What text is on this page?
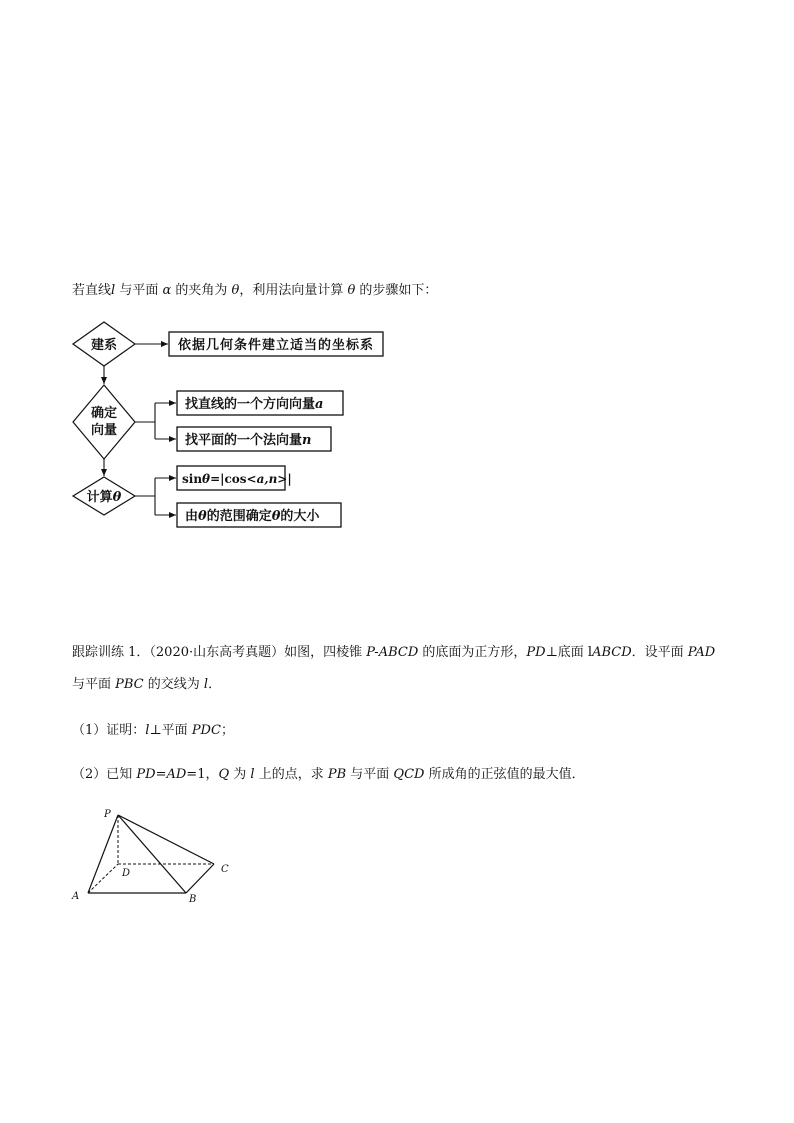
若直线l 与平面 α 的夹角为 θ，利用法向量计算 θ 的步骤如下：
建系	依据几何条件建立适当的坐标系
确定
向量
找直线的一个方向向量a
找平面的一个法向量n
计算θ
sinθ=|cos<a,n>|
由θ的范围确定θ的大小
P
D	C
A	B
跟踪训练 1．（2020·山东高考真题）如图，四棱锥 P-ABCD 的底面为正方形，PD⊥底面 lABCD．设平面 PAD
与平面 PBC 的交线为 l．
（1）证明：l⊥平面 PDC；
（2）已知 PD=AD=1，Q 为 l 上的点，求 PB 与平面 QCD 所成角的正弦值的最大值．
